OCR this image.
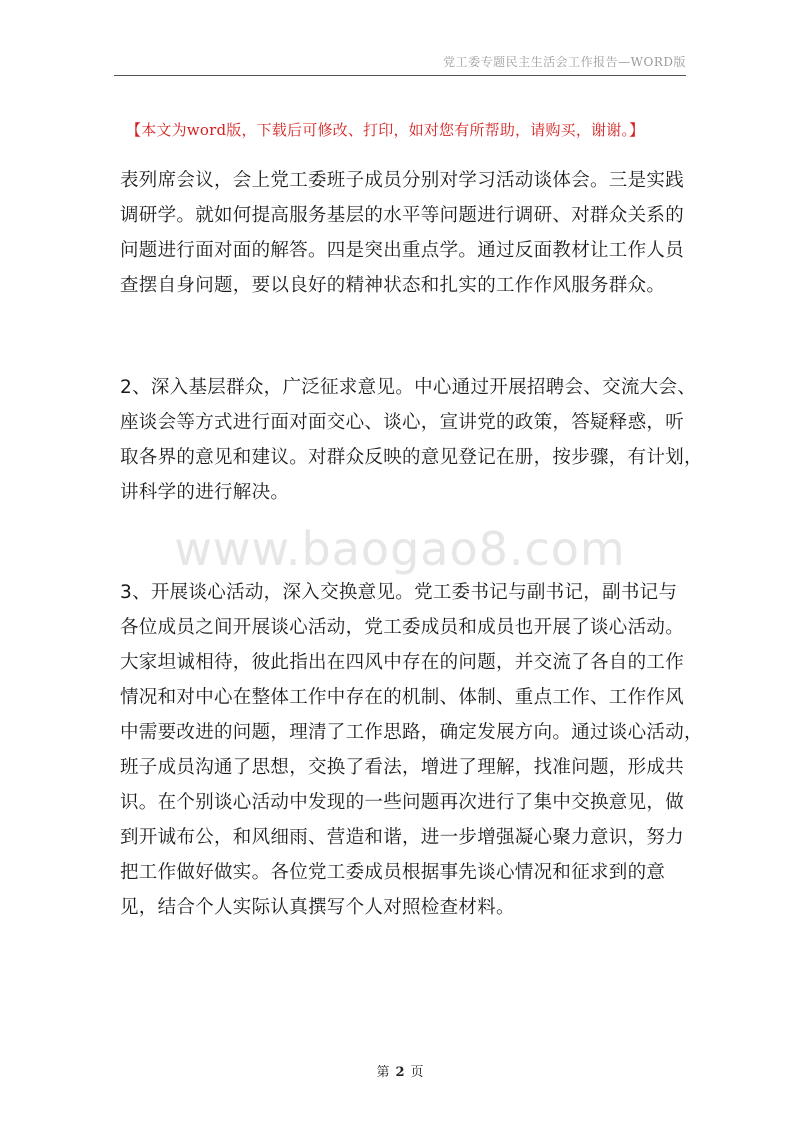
党工委专题民主生活会工作报告—WORD版
【本文为word版，下载后可修改、打印，如对您有所帮助，请购买，谢谢。】
www.baogao8.com
表列席会议，会上党工委班子成员分别对学习活动谈体会。三是实践
调研学。就如何提高服务基层的水平等问题进行调研、对群众关系的
问题进行面对面的解答。四是突出重点学。通过反面教材让工作人员
查摆自身问题，要以良好的精神状态和扎实的工作作风服务群众。
2、深入基层群众，广泛征求意见。中心通过开展招聘会、交流大会、
座谈会等方式进行面对面交心、谈心，宣讲党的政策，答疑释惑，听
取各界的意见和建议。对群众反映的意见登记在册，按步骤，有计划，
讲科学的进行解决。
3、开展谈心活动，深入交换意见。党工委书记与副书记，副书记与
各位成员之间开展谈心活动，党工委成员和成员也开展了谈心活动。
大家坦诚相待，彼此指出在四风中存在的问题，并交流了各自的工作
情况和对中心在整体工作中存在的机制、体制、重点工作、工作作风
中需要改进的问题，理清了工作思路，确定发展方向。通过谈心活动，
班子成员沟通了思想，交换了看法，增进了理解，找准问题，形成共
识。在个别谈心活动中发现的一些问题再次进行了集中交换意见，做
到开诚布公，和风细雨、营造和谐，进一步增强凝心聚力意识，努力
把工作做好做实。各位党工委成员根据事先谈心情况和征求到的意
见，结合个人实际认真撰写个人对照检查材料。
第 2 页
